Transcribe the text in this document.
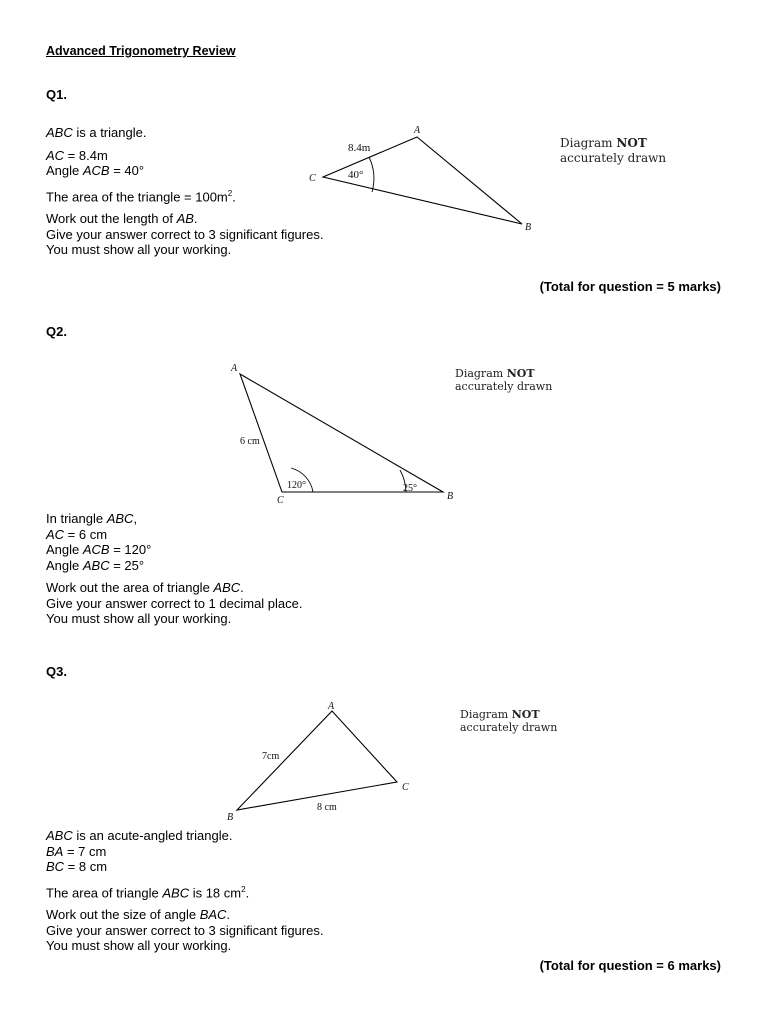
Advanced Trigonometry Review
Q1.

ABC is a triangle.

AC = 8.4m

Angle ACB = 40°

The area of the triangle = $100m^2$.

Work out the length of AB.

Give your answer correct to 3 significant figures.

You must show all your working.

A
B
C
8.4m
40°
Diagram NOT
accurately drawn
(Total for question = 5 marks)
Q2.
A
B
C
6 cm
120°	25°
Diagram NOT
accurately drawn

In triangle ABC,

AC = 6 cm

Angle ACB = 120°

Angle ABC = 25°

Work out the area of triangle ABC.

Give your answer correct to 1 decimal place.

You must show all your working.

Q3.
A
B
C
7cm
8 cm
Diagram NOT
accurately drawn

ABC is an acute-angled triangle.

BA = 7 cm

BC = 8 cm

The area of triangle ABC is 18 $cm^2$.

Work out the size of angle BAC.

Give your answer correct to 3 significant figures.

You must show all your working.

(Total for question = 6 marks)
